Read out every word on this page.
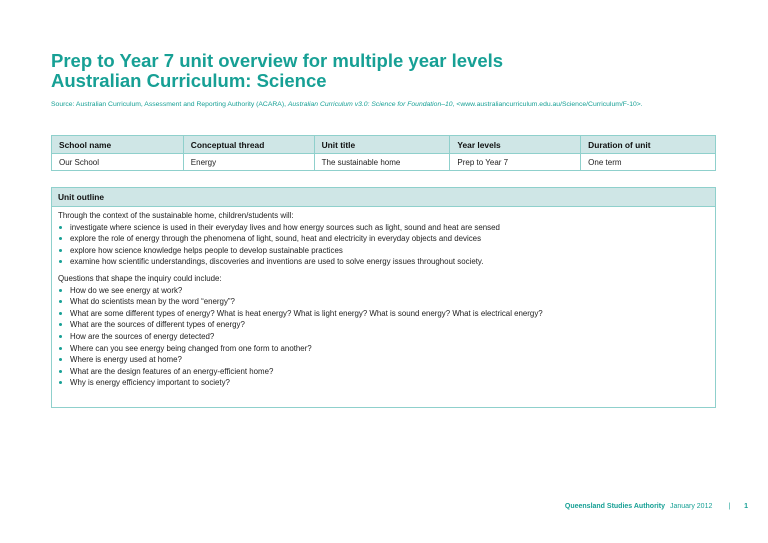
Prep to Year 7 unit overview for multiple year levels
Australian Curriculum: Science
Source: Australian Curriculum, Assessment and Reporting Authority (ACARA), Australian Curriculum v3.0: Science for Foundation–10, <www.australiancurriculum.edu.au/Science/Curriculum/F-10>.
School name	Conceptual thread	Unit title	Year levels	Duration of unit
Our School	Energy	The sustainable home	Prep to Year 7	One term
Unit outline

Through the context of the sustainable home, children/students will:

investigate where science is used in their everyday lives and how energy sources such as light, sound and heat are sensed
explore the role of energy through the phenomena of light, sound, heat and electricity in everyday objects and devices
explore how science knowledge helps people to develop sustainable practices
examine how scientific understandings, discoveries and inventions are used to solve energy issues throughout society.

Questions that shape the inquiry could include:

How do we see energy at work?
What do scientists mean by the word “energy”?
What are some different types of energy? What is heat energy? What is light energy? What is sound energy? What is electrical energy?
What are the sources of different types of energy?
How are the sources of energy detected?
Where can you see energy being changed from one form to another?
Where is energy used at home?
What are the design features of an energy-efficient home?
Why is energy efficiency important to society?
Queensland Studies Authority January 2012 | 1
